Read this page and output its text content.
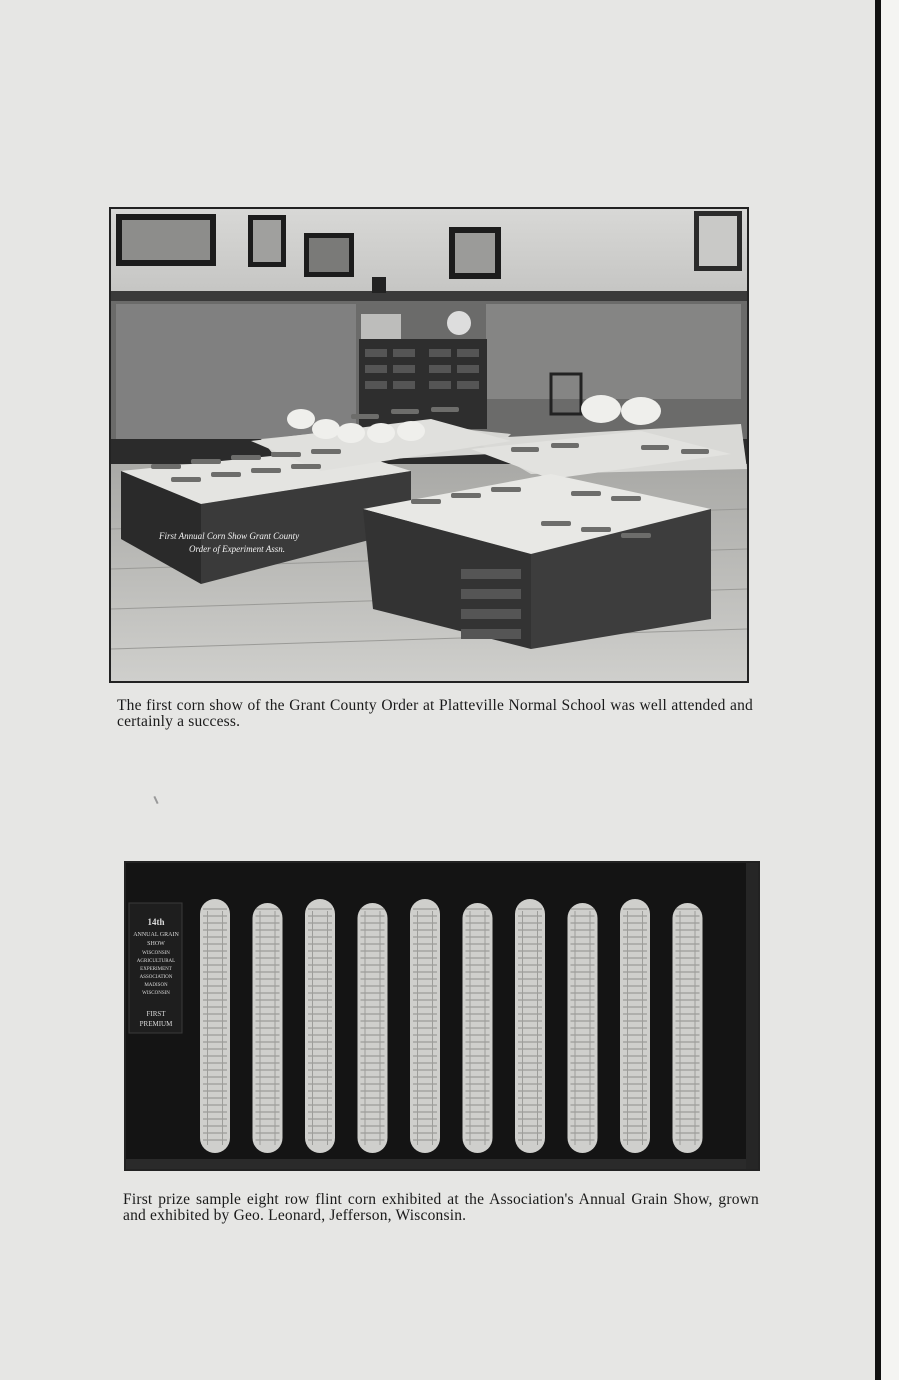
First Annual Corn Show Grant County
Order of Experiment Assn.
The first corn show of the Grant County Order at Platteville Normal School was well attended and certainly a success.
14th
ANNUAL GRAIN
SHOW
WISCONSIN
AGRICULTURAL
EXPERIMENT
ASSOCIATION
MADISON
WISCONSIN
FIRST
PREMIUM
First prize sample eight row flint corn exhibited at the Association's Annual Grain Show, grown and exhibited by Geo. Leonard, Jefferson, Wisconsin.
